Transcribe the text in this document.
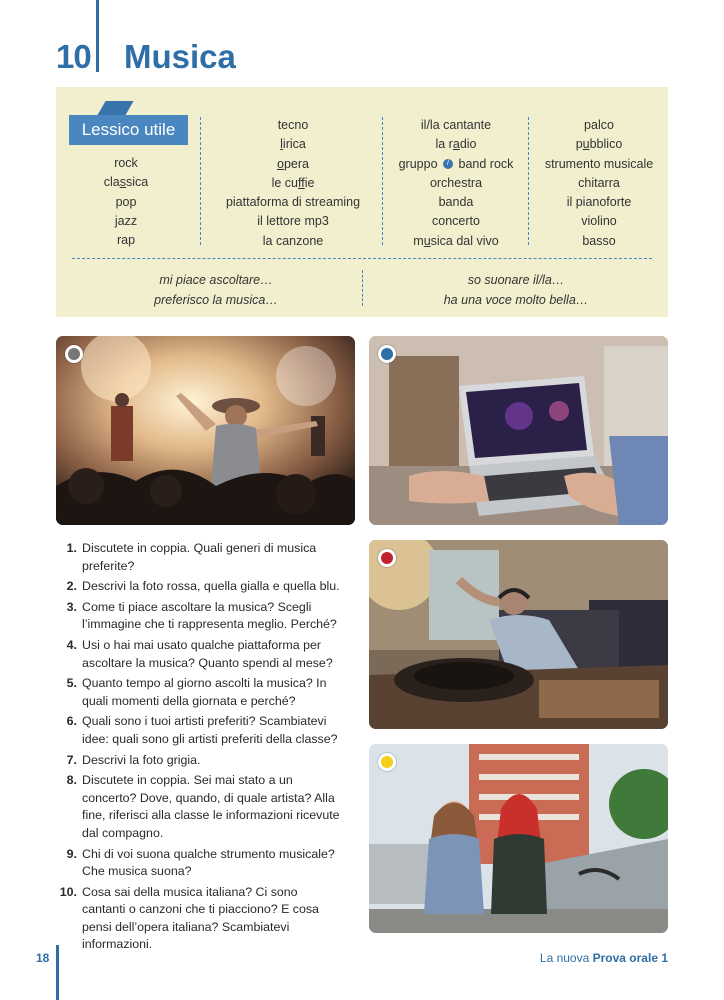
10 Musica
Lessico utile
rock
classica
pop
jazz
rap
tecno
lirica
opera
le cuffie
piattaforma di streaming
il lettore mp3
la canzone
il/la cantante
la radio
gruppo / band rock
orchestra
banda
concerto
musica dal vivo
palco
pubblico
strumento musicale
chitarra
il pianoforte
violino
basso
mi piace ascoltare…
preferisco la musica…
so suonare il/la…
ha una voce molto bella…
1. Discutete in coppia. Quali generi di musica preferite?
2. Descrivi la foto rossa, quella gialla e quella blu.
3. Come ti piace ascoltare la musica? Scegli l’immagine che ti rappresenta meglio. Perché?
4. Usi o hai mai usato qualche piattaforma per ascoltare la musica? Quanto spendi al mese?
5. Quanto tempo al giorno ascolti la musica? In quali momenti della giornata e perché?
6. Quali sono i tuoi artisti preferiti? Scambiatevi idee: quali sono gli artisti preferiti della classe?
7. Descrivi la foto grigia.
8. Discutete in coppia. Sei mai stato a un concerto? Dove, quando, di quale artista? Alla fine, riferisci alla classe le informazioni ricevute dal compagno.
9. Chi di voi suona qualche strumento musicale? Che musica suona?
10. Cosa sai della musica italiana? Ci sono cantanti o canzoni che ti piacciono? E cosa pensi dell’opera italiana? Scambiatevi informazioni.
18	La nuova Prova orale 1
